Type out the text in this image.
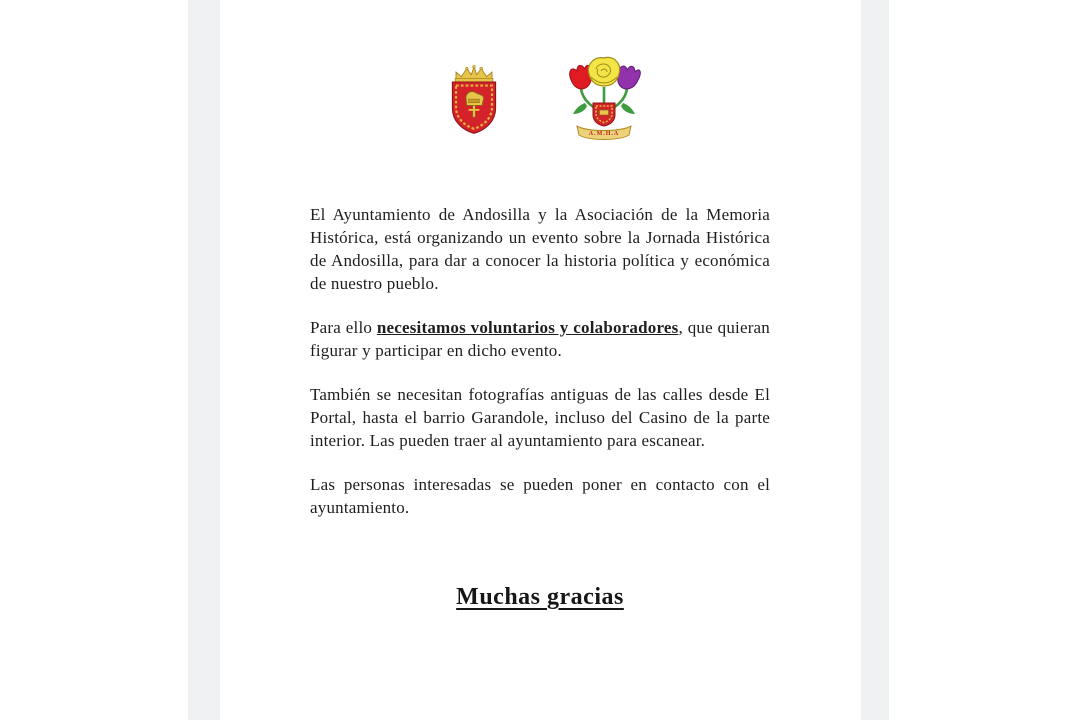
A.M.H.A

El Ayuntamiento de Andosilla y la Asociación de la Memoria Histórica, está organizando un evento sobre la Jornada Histórica de Andosilla, para dar a conocer la historia política y económica de nuestro pueblo.

Para ello necesitamos voluntarios y colaboradores, que quieran figurar y participar en dicho evento.

También se necesitan fotografías antiguas de las calles desde El Portal, hasta el barrio Garandole, incluso del Casino de la parte interior. Las pueden traer al ayuntamiento para escanear.

Las personas interesadas se pueden poner en contacto con el ayuntamiento.

Muchas gracias
